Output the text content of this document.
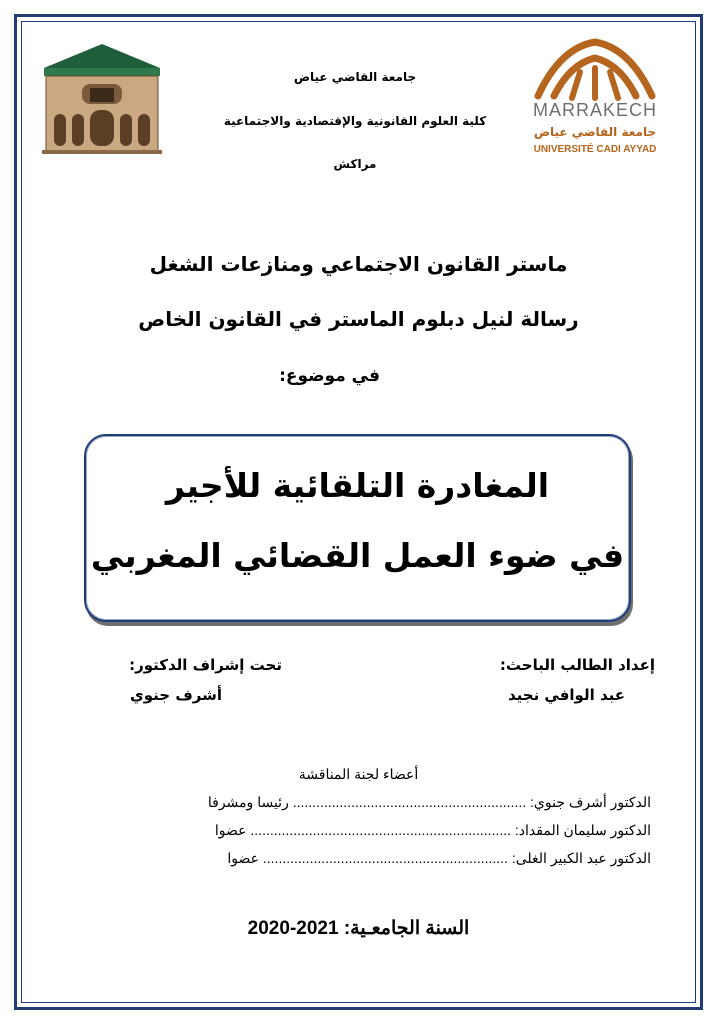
MARRAKECH
جامعة القاضي عياض
UNIVERSITÉ CADI AYYAD
جامعة القاضي عياض
كلية العلوم القانونية والإقتصادية والاجتماعية
مراكش
ماستر القانون الاجتماعي ومنازعات الشغل
رسالة لنيل دبلوم الماستر في القانون الخاص
في موضوع:
المغادرة التلقائية للأجير
في ضوء العمل القضائي المغربي
إعداد الطالب الباحث:
عبد الوافي نجيد
تحت إشراف الدكتور:
أشرف جنوي
أعضاء لجنة المناقشة
الدكتور أشرف جنوي: ............................................................ رئيسا ومشرفا
الدكتور سليمان المقداد: ................................................................... عضوا
الدكتور عبد الكبير الغلى: ............................................................... عضوا
السنة الجامعـية: 2020-2021
